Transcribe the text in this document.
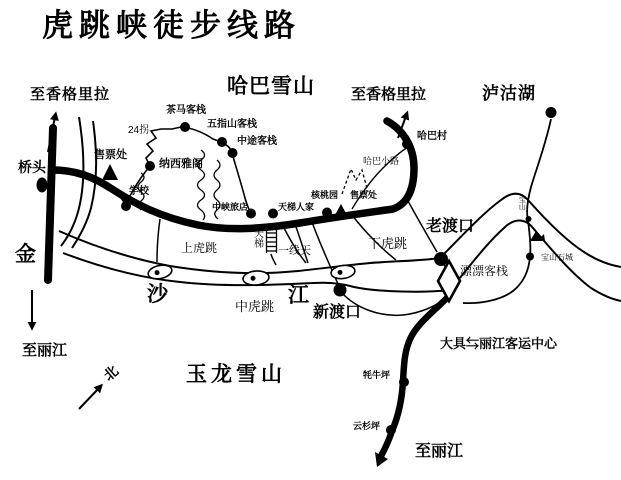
虎跳峡徒步线路
至香格里拉	哈巴雪山 至香格里拉	泸沽湖
桥头
售票处
茶马客栈
24拐
五指山客栈
中途客栈
纳西雅阁
学校
哈巴村
哈巴小路
核桃园 售票处
中峡旅店	天梯人家
上虎跳	天梯
一线天	下虎跳
老渡口
漂漂客栈
宝山石城
宝山
金
沙	江
中虎跳 新渡口
大具⇆丽江客运中心
牦牛坪
云杉坪
至丽江
至丽江
玉龙雪山
北
